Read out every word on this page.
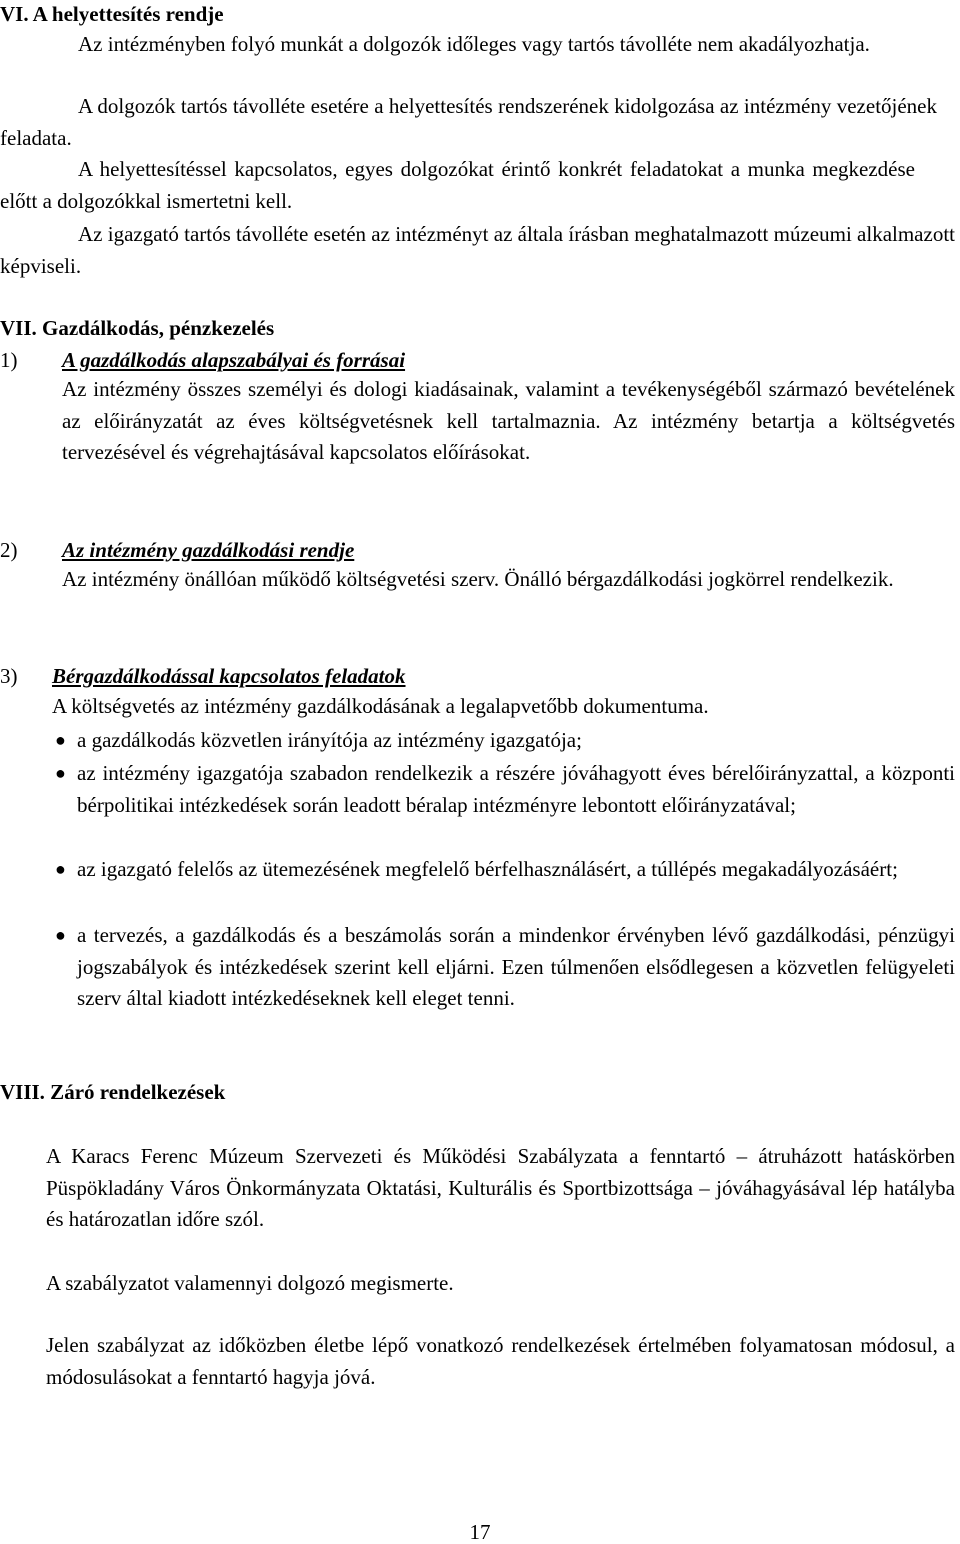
VI. A helyettesítés rendje

Az intézményben folyó munkát a dolgozók időleges vagy tartós távolléte nem akadályozhatja.

A dolgozók tartós távolléte esetére a helyettesítés rendszerének kidolgozása az intézmény vezetőjének feladata.

A helyettesítéssel kapcsolatos, egyes dolgozókat érintő konkrét feladatokat a munka megkezdése előtt a dolgozókkal ismertetni kell.

Az igazgató tartós távolléte esetén az intézményt az általa írásban meghatalmazott múzeumi alkalmazott képviseli.

VII. Gazdálkodás, pénzkezelés
1) A gazdálkodás alapszabályai és forrásai

Az intézmény összes személyi és dologi kiadásainak, valamint a tevékenységéből származó bevételének az előirányzatát az éves költségvetésnek kell tartalmaznia. Az intézmény betartja a költségvetés tervezésével és végrehajtásával kapcsolatos előírásokat.

2) Az intézmény gazdálkodási rendje

Az intézmény önállóan működő költségvetési szerv. Önálló bérgazdálkodási jogkörrel rendelkezik.

3) Bérgazdálkodással kapcsolatos feladatok

A költségvetés az intézmény gazdálkodásának a legalapvetőbb dokumentuma.

● a gazdálkodás közvetlen irányítója az intézmény igazgatója;

● az intézmény igazgatója szabadon rendelkezik a részére jóváhagyott éves bérelőirányzattal, a központi bérpolitikai intézkedések során leadott béralap intézményre lebontott előirányzatával;

● az igazgató felelős az ütemezésének megfelelő bérfelhasználásért, a túllépés megakadályozásáért;

● a tervezés, a gazdálkodás és a beszámolás során a mindenkor érvényben lévő gazdálkodási, pénzügyi jogszabályok és intézkedések szerint kell eljárni. Ezen túlmenően elsődlegesen a közvetlen felügyeleti szerv által kiadott intézkedéseknek kell eleget tenni.

VIII. Záró rendelkezések

A Karacs Ferenc Múzeum Szervezeti és Működési Szabályzata a fenntartó – átruházott hatáskörben Püspökladány Város Önkormányzata Oktatási, Kulturális és Sportbizottsága – jóváhagyásával lép hatályba és határozatlan időre szól.

A szabályzatot valamennyi dolgozó megismerte.

Jelen szabályzat az időközben életbe lépő vonatkozó rendelkezések értelmében folyamatosan módosul, a módosulásokat a fenntartó hagyja jóvá.

17
